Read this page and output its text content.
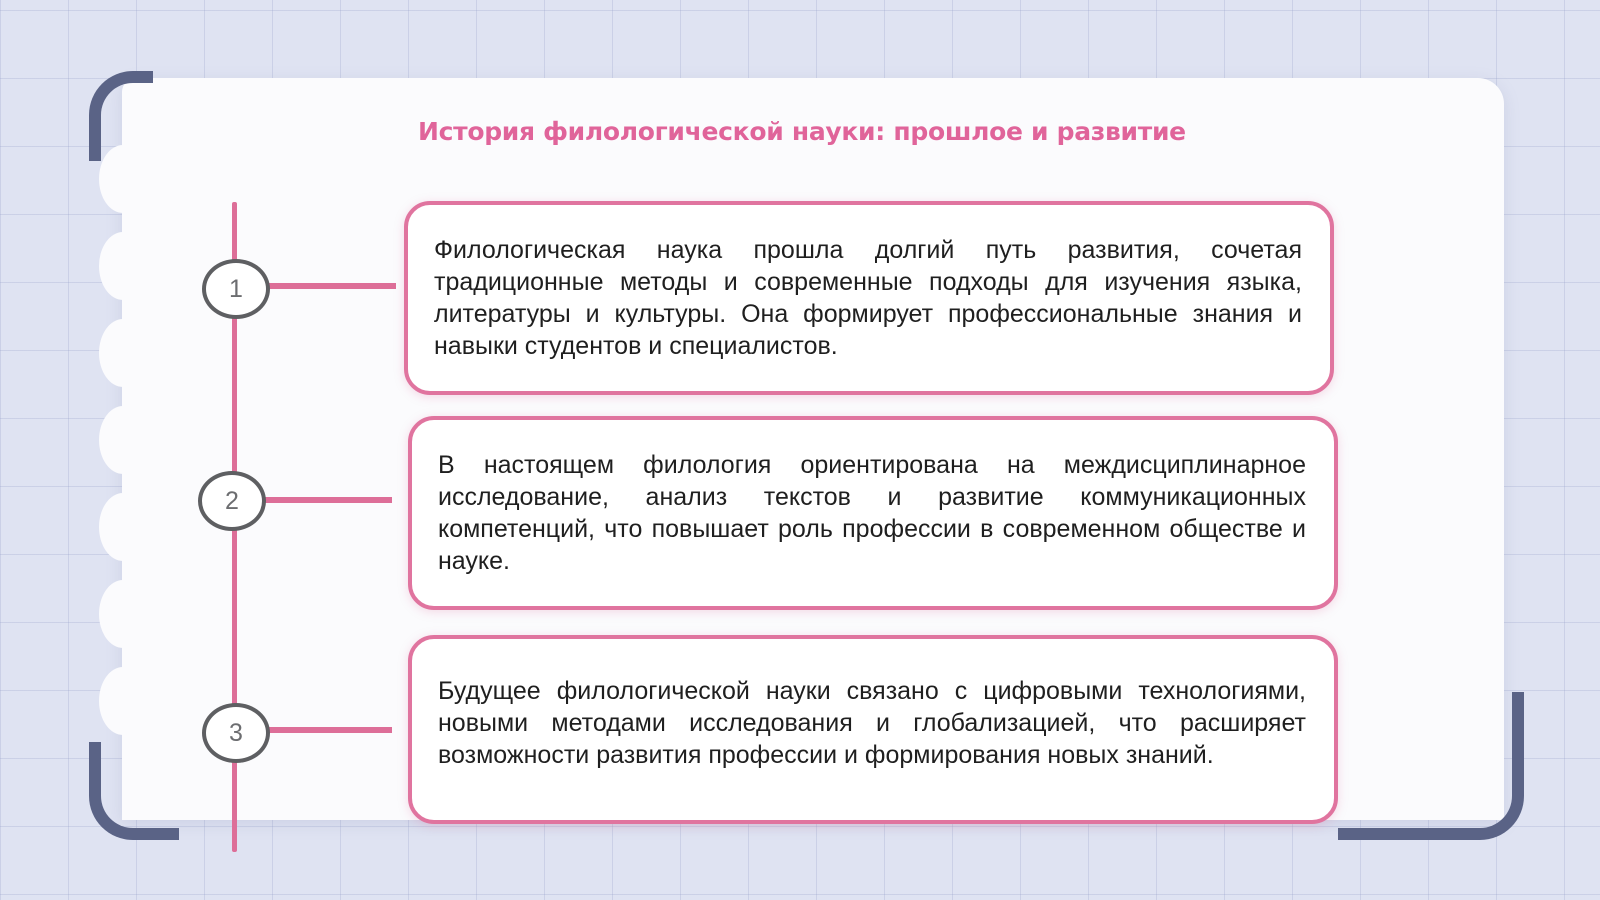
История филологической науки: прошлое и развитие
1
2
3

Филологическая наука прошла долгий путь развития, сочетая традиционные методы и современные подходы для изучения языка, литературы и культуры. Она формирует профессиональные знания и навыки студентов и специалистов.

В настоящем филология ориентирована на междисциплинарное исследование, анализ текстов и развитие коммуникационных компетенций, что повышает роль профессии в современном обществе и науке.

Будущее филологической науки связано с цифровыми технологиями, новыми методами исследования и глобализацией, что расширяет возможности развития профессии и формирования новых знаний.
